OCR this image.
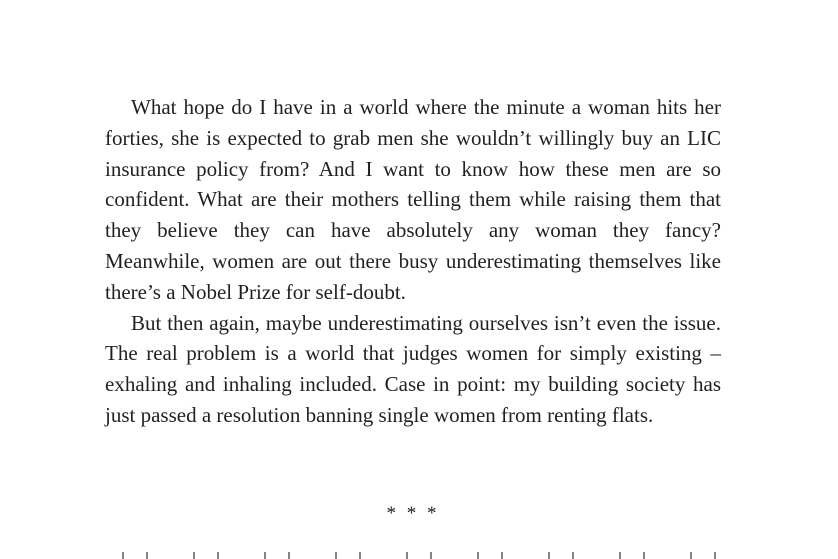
What hope do I have in a world where the minute a woman hits her forties, she is expected to grab men she wouldn’t willingly buy an LIC insurance policy from? And I want to know how these men are so confident. What are their mothers telling them while raising them that they believe they can have absolutely any woman they fancy? Meanwhile, women are out there busy underestimating themselves like there’s a Nobel Prize for self-doubt.

But then again, maybe underestimating ourselves isn’t even the issue. The real problem is a world that judges women for simply existing – exhaling and inhaling included. Case in point: my building society has just passed a resolution banning single women from renting flats.

* * *
